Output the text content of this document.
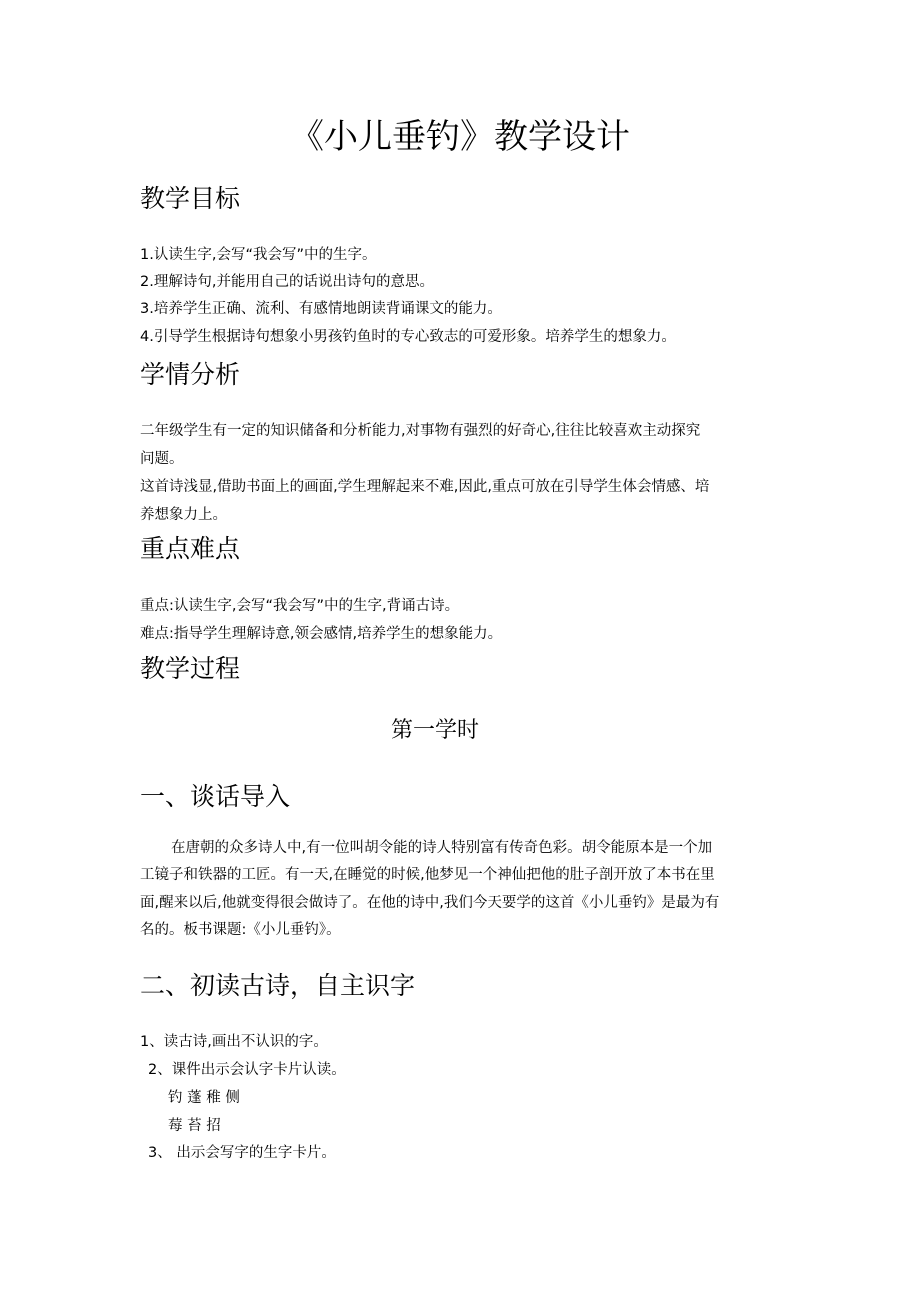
《小儿垂钓》教学设计
教学目标
1.认读生字,会写“我会写”中的生字。
2.理解诗句,并能用自己的话说出诗句的意思。
3.培养学生正确、流利、有感情地朗读背诵课文的能力。
4.引导学生根据诗句想象小男孩钓鱼时的专心致志的可爱形象。培养学生的想象力。
学情分析
二年级学生有一定的知识储备和分析能力,对事物有强烈的好奇心,往往比较喜欢主动探究
问题。
这首诗浅显,借助书面上的画面,学生理解起来不难,因此,重点可放在引导学生体会情感、培
养想象力上。
重点难点
重点:认读生字,会写“我会写”中的生字,背诵古诗。
难点:指导学生理解诗意,领会感情,培养学生的想象能力。
教学过程
第一学时
一、谈话导入
在唐朝的众多诗人中,有一位叫胡令能的诗人特别富有传奇色彩。胡令能原本是一个加
工镜子和铁器的工匠。有一天,在睡觉的时候,他梦见一个神仙把他的肚子剖开放了本书在里
面,醒来以后,他就变得很会做诗了。在他的诗中,我们今天要学的这首《小儿垂钓》是最为有
名的。板书课题:《小儿垂钓》。
二、初读古诗，自主识字
1、读古诗,画出不认识的字。
2、课件出示会认字卡片认读。
钓 蓬 稚 侧
莓 苔 招
3、 出示会写字的生字卡片。
